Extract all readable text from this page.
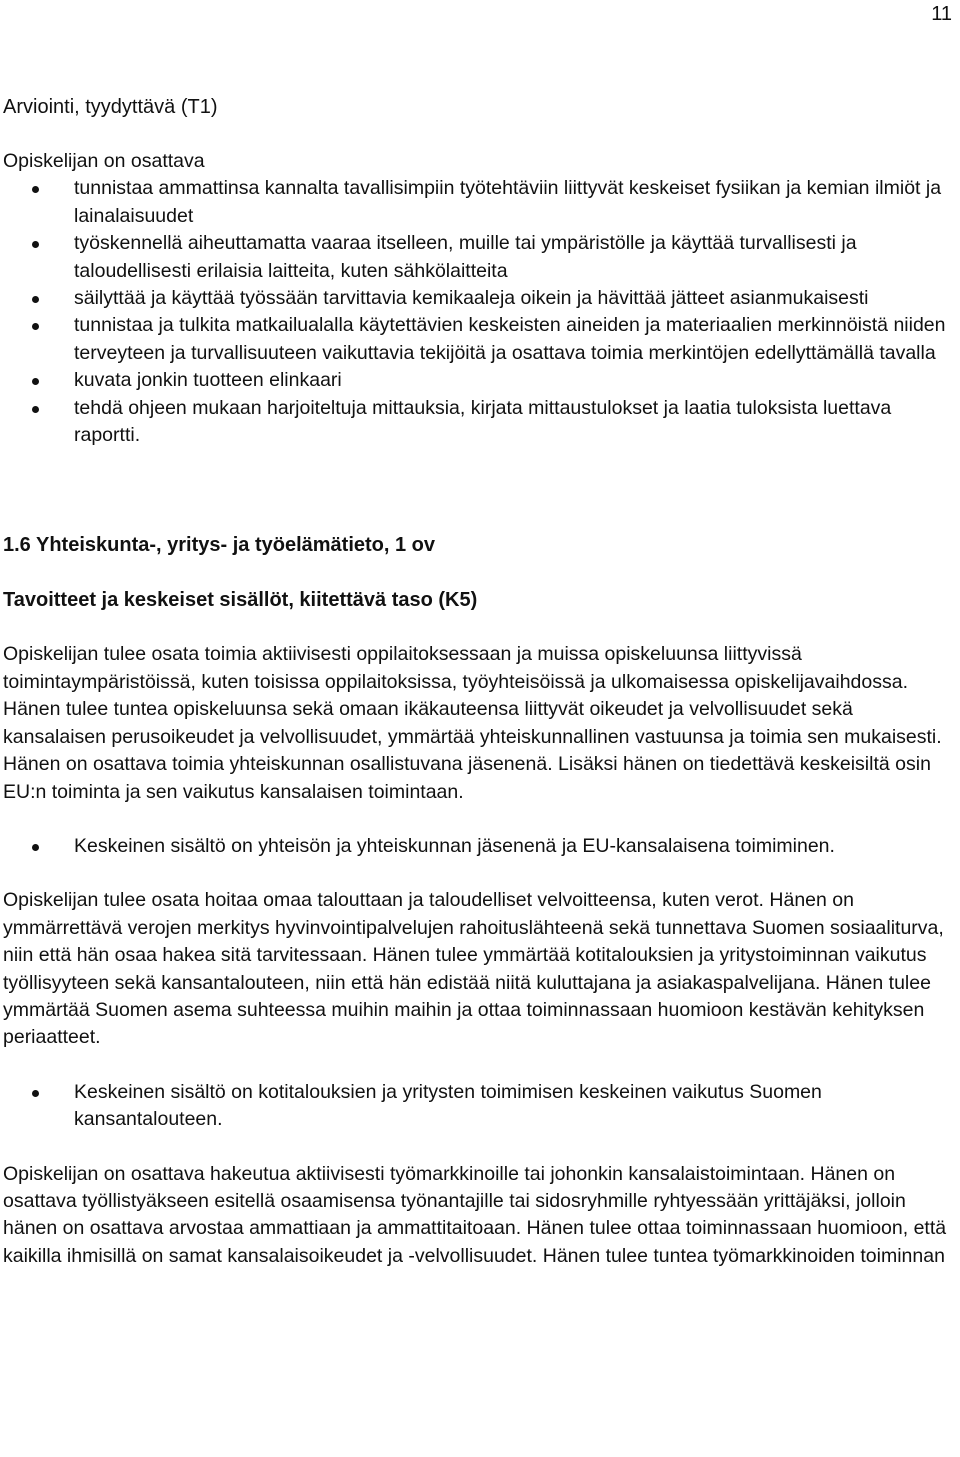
11
Arviointi, tyydyttävä (T1)

Opiskelijan on osattava

tunnistaa ammattinsa kannalta tavallisimpiin työtehtäviin liittyvät keskeiset fysiikan ja kemian ilmiöt ja lainalaisuudet
työskennellä aiheuttamatta vaaraa itselleen, muille tai ympäristölle ja käyttää turvallisesti ja taloudellisesti erilaisia laitteita, kuten sähkölaitteita
säilyttää ja käyttää työssään tarvittavia kemikaaleja oikein ja hävittää jätteet asianmukaisesti
tunnistaa ja tulkita matkailualalla käytettävien keskeisten aineiden ja materiaalien merkinnöistä niiden terveyteen ja turvallisuuteen vaikuttavia tekijöitä ja osattava toimia merkintöjen edellyttämällä tavalla
kuvata jonkin tuotteen elinkaari
tehdä ohjeen mukaan harjoiteltuja mittauksia, kirjata mittaustulokset ja laatia tuloksista luettava raportti.
1.6 Yhteiskunta-, yritys- ja työelämätieto, 1 ov
Tavoitteet ja keskeiset sisällöt, kiitettävä taso (K5)

Opiskelijan tulee osata toimia aktiivisesti oppilaitoksessaan ja muissa opiskeluunsa liittyvissä toimintaympäristöissä, kuten toisissa oppilaitoksissa, työyhteisöissä ja ulkomaisessa opiskelijavaihdossa. Hänen tulee tuntea opiskeluunsa sekä omaan ikäkauteensa liittyvät oikeudet ja velvollisuudet sekä kansalaisen perusoikeudet ja velvollisuudet, ymmärtää yhteiskunnallinen vastuunsa ja toimia sen mukaisesti. Hänen on osattava toimia yhteiskunnan osallistuvana jäsenenä. Lisäksi hänen on tiedettävä keskeisiltä osin EU:n toiminta ja sen vaikutus kansalaisen toimintaan.

Keskeinen sisältö on yhteisön ja yhteiskunnan jäsenenä ja EU-kansalaisena toimiminen.

Opiskelijan tulee osata hoitaa omaa talouttaan ja taloudelliset velvoitteensa, kuten verot. Hänen on ymmärrettävä verojen merkitys hyvinvointipalvelujen rahoituslähteenä sekä tunnettava Suomen sosiaaliturva, niin että hän osaa hakea sitä tarvitessaan. Hänen tulee ymmärtää kotitalouksien ja yritystoiminnan vaikutus työllisyyteen sekä kansantalouteen, niin että hän edistää niitä kuluttajana ja asiakaspalvelijana. Hänen tulee ymmärtää Suomen asema suhteessa muihin maihin ja ottaa toiminnassaan huomioon kestävän kehityksen periaatteet.

Keskeinen sisältö on kotitalouksien ja yritysten toimimisen keskeinen vaikutus Suomen kansantalouteen.

Opiskelijan on osattava hakeutua aktiivisesti työmarkkinoille tai johonkin kansalaistoimintaan. Hänen on osattava työllistyäkseen esitellä osaamisensa työnantajille tai sidosryhmille ryhtyessään yrittäjäksi, jolloin hänen on osattava arvostaa ammattiaan ja ammattitaitoaan. Hänen tulee ottaa toiminnassaan huomioon, että kaikilla ihmisillä on samat kansalaisoikeudet ja -velvollisuudet. Hänen tulee tuntea työmarkkinoiden toiminnan
